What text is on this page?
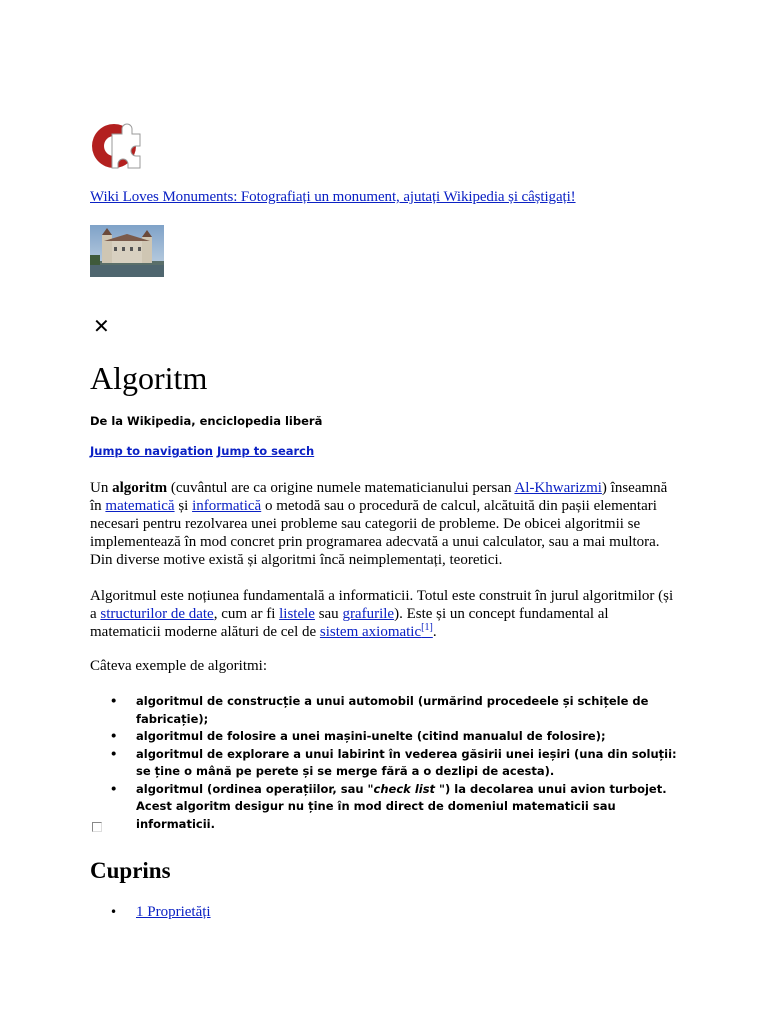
Wiki Loves Monuments: Fotografiați un monument, ajutați Wikipedia și câștigați!
✕
Algoritm
De la Wikipedia, enciclopedia liberă
Jump to navigation Jump to search
Un algoritm (cuvântul are ca origine numele matematicianului persan Al-Khwarizmi) înseamnă în matematică și informatică o metodă sau o procedură de calcul, alcătuită din pașii elementari necesari pentru rezolvarea unei probleme sau categorii de probleme. De obicei algoritmii se implementează în mod concret prin programarea adecvată a unui calculator, sau a mai multora. Din diverse motive există și algoritmi încă neimplementați, teoretici.
Algoritmul este noțiunea fundamentală a informaticii. Totul este construit în jurul algoritmilor (și a structurilor de date, cum ar fi listele sau grafurile). Este și un concept fundamental al matematicii moderne alături de cel de sistem axiomatic[1].
Câteva exemple de algoritmi:
• algoritmul de construcție a unui automobil (urmărind procedeele și schițele de fabricație);
• algoritmul de folosire a unei mașini-unelte (citind manualul de folosire);
• algoritmul de explorare a unui labirint în vederea găsirii unei ieșiri (una din soluții: se ține o mână pe perete și se merge fără a o dezlipi de acesta).
• algoritmul (ordinea operațiilor, sau "check list ") la decolarea unui avion turbojet. Acest algoritm desigur nu ține în mod direct de domeniul matematicii sau informaticii.
Cuprins
• 1 Proprietăți
